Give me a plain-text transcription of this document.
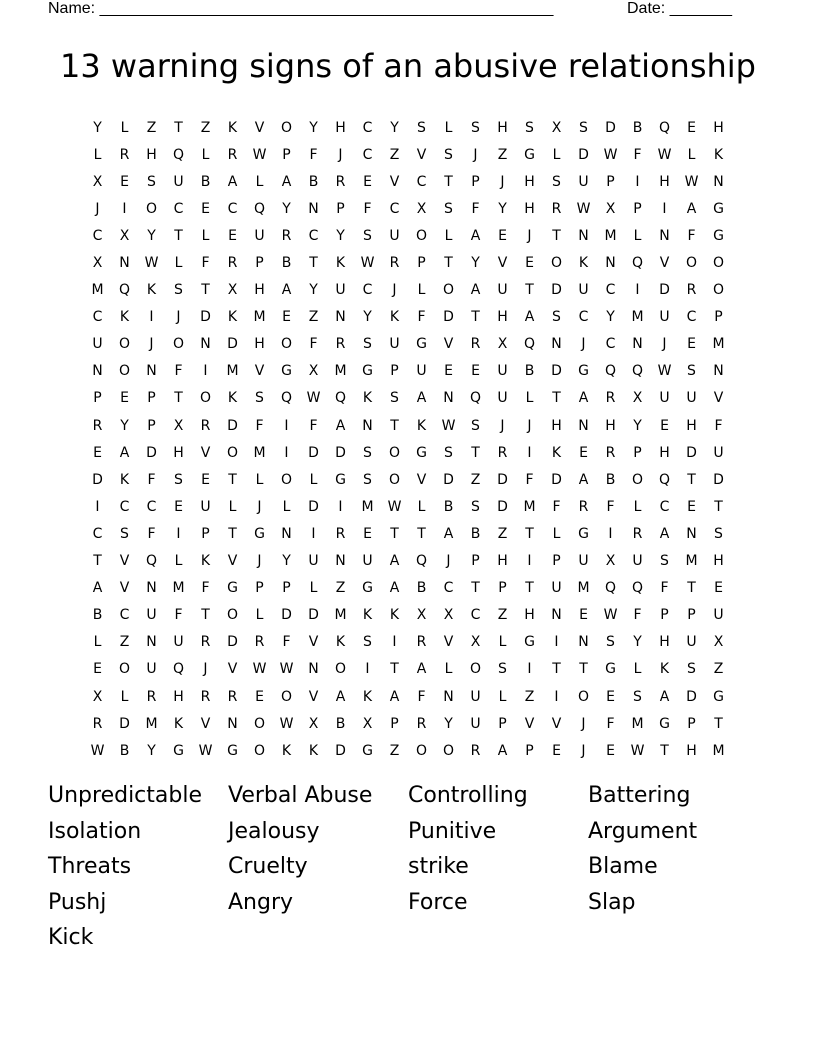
Name: ___________________________________________________	Date: _______
13 warning signs of an abusive relationship
Y	L	Z	T	Z	K	V	O	Y	H	C	Y	S	L	S	H	S	X	S	D	B	Q	E	H
L	R	H	Q	L	R	W	P	F	J	C	Z	V	S	J	Z	G	L	D	W	F	W	L	K
X	E	S	U	B	A	L	A	B	R	E	V	C	T	P	J	H	S	U	P	I	H	W	N
J	I	O	C	E	C	Q	Y	N	P	F	C	X	S	F	Y	H	R	W	X	P	I	A	G
C	X	Y	T	L	E	U	R	C	Y	S	U	O	L	A	E	J	T	N	M	L	N	F	G
X	N	W	L	F	R	P	B	T	K	W	R	P	T	Y	V	E	O	K	N	Q	V	O	O
M	Q	K	S	T	X	H	A	Y	U	C	J	L	O	A	U	T	D	U	C	I	D	R	O
C	K	I	J	D	K	M	E	Z	N	Y	K	F	D	T	H	A	S	C	Y	M	U	C	P
U	O	J	O	N	D	H	O	F	R	S	U	G	V	R	X	Q	N	J	C	N	J	E	M
N	O	N	F	I	M	V	G	X	M	G	P	U	E	E	U	B	D	G	Q	Q	W	S	N
P	E	P	T	O	K	S	Q	W	Q	K	S	A	N	Q	U	L	T	A	R	X	U	U	V
R	Y	P	X	R	D	F	I	F	A	N	T	K	W	S	J	J	H	N	H	Y	E	H	F
E	A	D	H	V	O	M	I	D	D	S	O	G	S	T	R	I	K	E	R	P	H	D	U
D	K	F	S	E	T	L	O	L	G	S	O	V	D	Z	D	F	D	A	B	O	Q	T	D
I	C	C	E	U	L	J	L	D	I	M	W	L	B	S	D	M	F	R	F	L	C	E	T
C	S	F	I	P	T	G	N	I	R	E	T	T	A	B	Z	T	L	G	I	R	A	N	S
T	V	Q	L	K	V	J	Y	U	N	U	A	Q	J	P	H	I	P	U	X	U	S	M	H
A	V	N	M	F	G	P	P	L	Z	G	A	B	C	T	P	T	U	M	Q	Q	F	T	E
B	C	U	F	T	O	L	D	D	M	K	K	X	X	C	Z	H	N	E	W	F	P	P	U
L	Z	N	U	R	D	R	F	V	K	S	I	R	V	X	L	G	I	N	S	Y	H	U	X
E	O	U	Q	J	V	W W	N	O	I	T	A	L	O	S	I	T	T	G	L	K	S	Z
X	L	R	H	R	R	E	O	V	A	K	A	F	N	U	L	Z	I	O	E	S	A	D	G
R	D	M	K	V	N	O	W	X	B	X	P	R	Y	U	P	V	V	J	F	M	G	P	T
W	B	Y	G	W	G	O	K	K	D	G	Z	O	O	R	A	P	E	J	E	W	T	H	M
Unpredictable	Verbal Abuse	Controlling	Battering
Isolation	Jealousy	Punitive	Argument
Threats	Cruelty	strike	Blame
Pushj	Angry	Force	Slap
Kick
